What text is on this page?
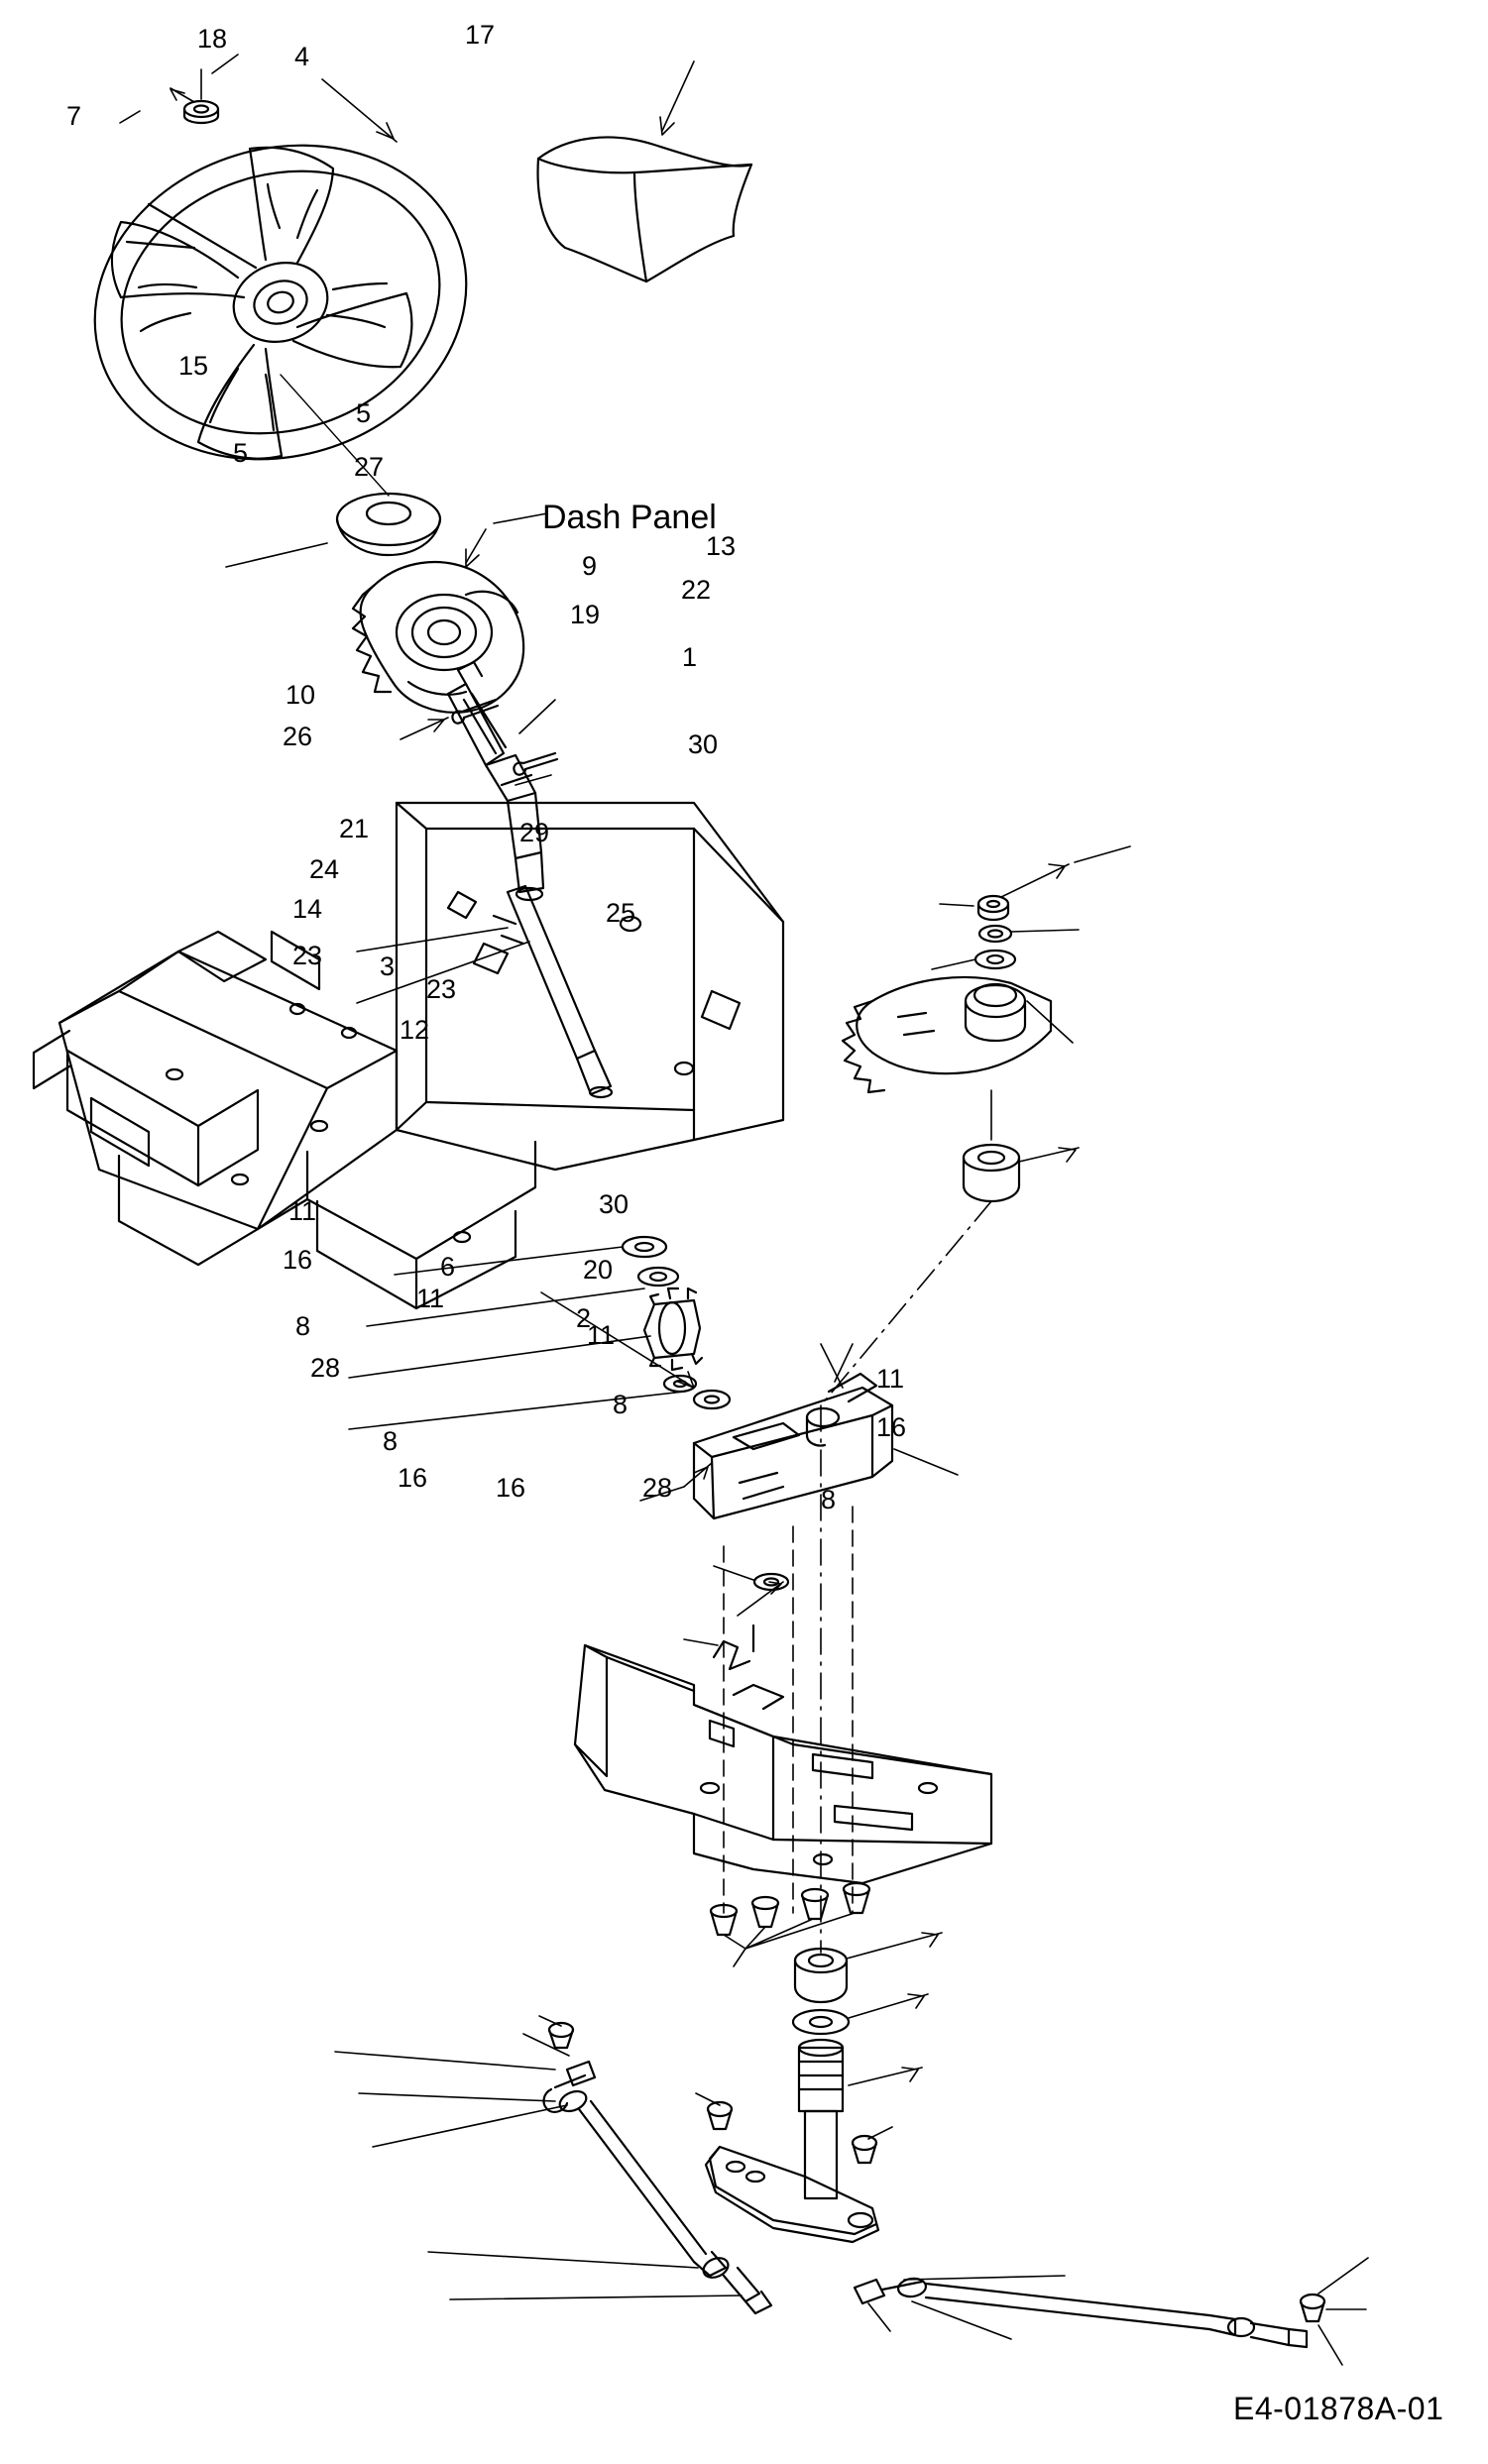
Dash Panel
E4-01878A-01
18
4
17
7
15
5
5	27
13
9
22
19
1
10
26	30
21	29
24
25
14
23 3
23
12
11	30
16	20
6
2
11
8	11
28	11
8
16
8
16	16	28	8
